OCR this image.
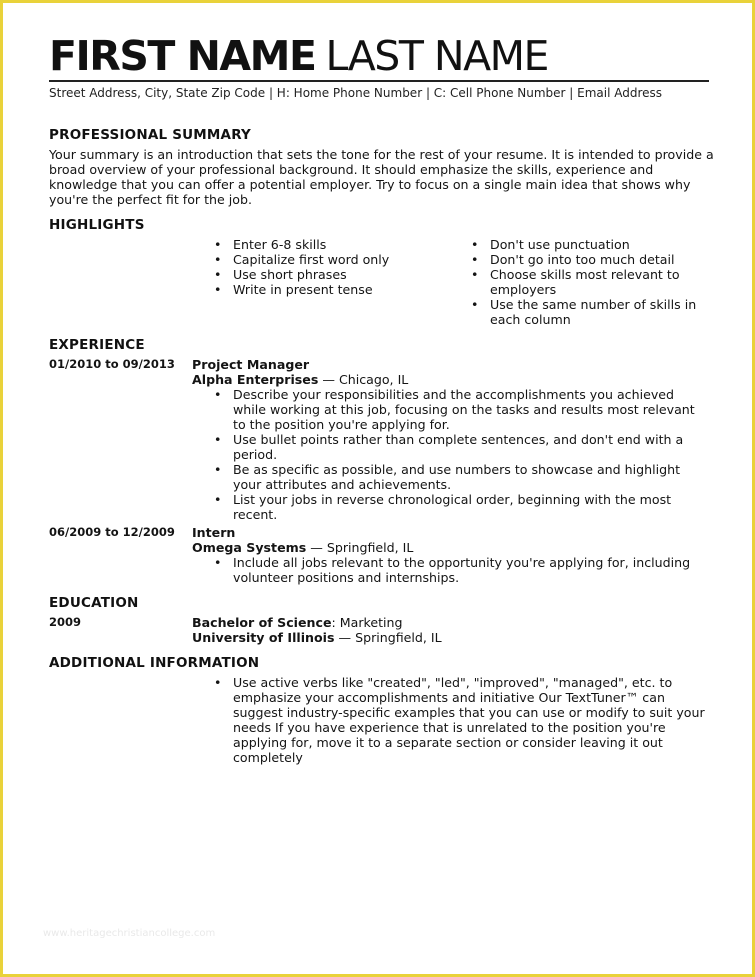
FIRST NAME LAST NAME
Street Address, City, State Zip Code | H: Home Phone Number | C: Cell Phone Number | Email Address
PROFESSIONAL SUMMARY
Your summary is an introduction that sets the tone for the rest of your resume. It is intended to provide a broad overview of your professional background. It should emphasize the skills, experience and knowledge that you can offer a potential employer. Try to focus on a single main idea that shows why you're the perfect fit for the job.
HIGHLIGHTS
• Enter 6-8 skills
• Capitalize first word only
• Use short phrases
• Write in present tense
• Don't use punctuation
• Don't go into too much detail
• Choose skills most relevant to employers
• Use the same number of skills in each column
EXPERIENCE
01/2010 to 09/2013 Project Manager
Alpha Enterprises — Chicago, IL
• Describe your responsibilities and the accomplishments you achieved while working at this job, focusing on the tasks and results most relevant to the position you're applying for.
• Use bullet points rather than complete sentences, and don't end with a period.
• Be as specific as possible, and use numbers to showcase and highlight your attributes and achievements.
• List your jobs in reverse chronological order, beginning with the most recent.
06/2009 to 12/2009 Intern
Omega Systems — Springfield, IL
• Include all jobs relevant to the opportunity you're applying for, including volunteer positions and internships.
EDUCATION
2009	Bachelor of Science: Marketing
University of Illinois — Springfield, IL
ADDITIONAL INFORMATION
• Use active verbs like "created", "led", "improved", "managed", etc. to emphasize your accomplishments and initiative Our TextTuner™ can suggest industry-specific examples that you can use or modify to suit your needs If you have experience that is unrelated to the position you're applying for, move it to a separate section or consider leaving it out completely
www.heritagechristiancollege.com
